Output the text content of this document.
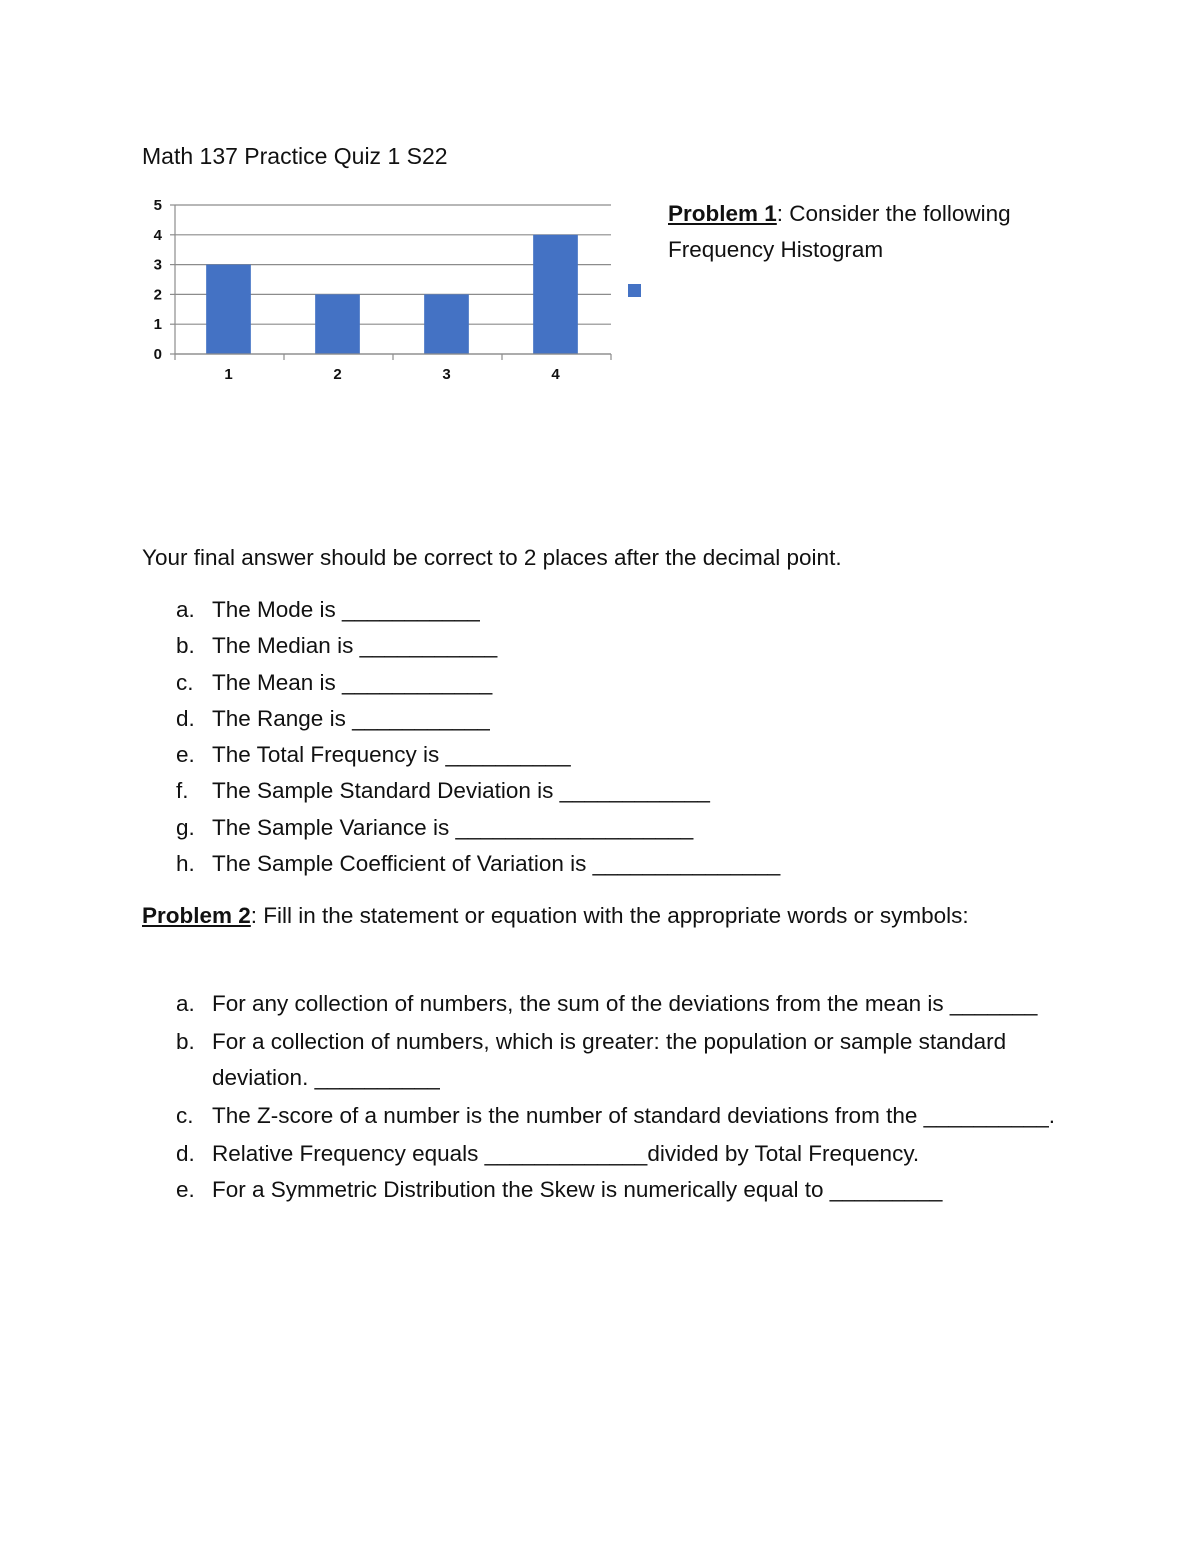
Math 137 Practice Quiz 1 S22
0
1
2
3
4
5
1	2	3	4
Problem 1: Consider the following Frequency Histogram
Your final answer should be correct to 2 places after the decimal point.
a. The Mode is ___________
b. The Median is ___________
c. The Mean is ____________
d. The Range is ___________
e. The Total Frequency is __________
f. The Sample Standard Deviation is ____________
g. The Sample Variance is ___________________
h. The Sample Coefficient of Variation is _______________
Problem 2: Fill in the statement or equation with the appropriate words or symbols:
a. For any collection of numbers, the sum of the deviations from the mean is _______
b. For a collection of numbers, which is greater: the population or sample standard deviation. __________
c. The Z-score of a number is the number of standard deviations from the __________.
d. Relative Frequency equals _____________divided by Total Frequency.
e. For a Symmetric Distribution the Skew is numerically equal to _________
